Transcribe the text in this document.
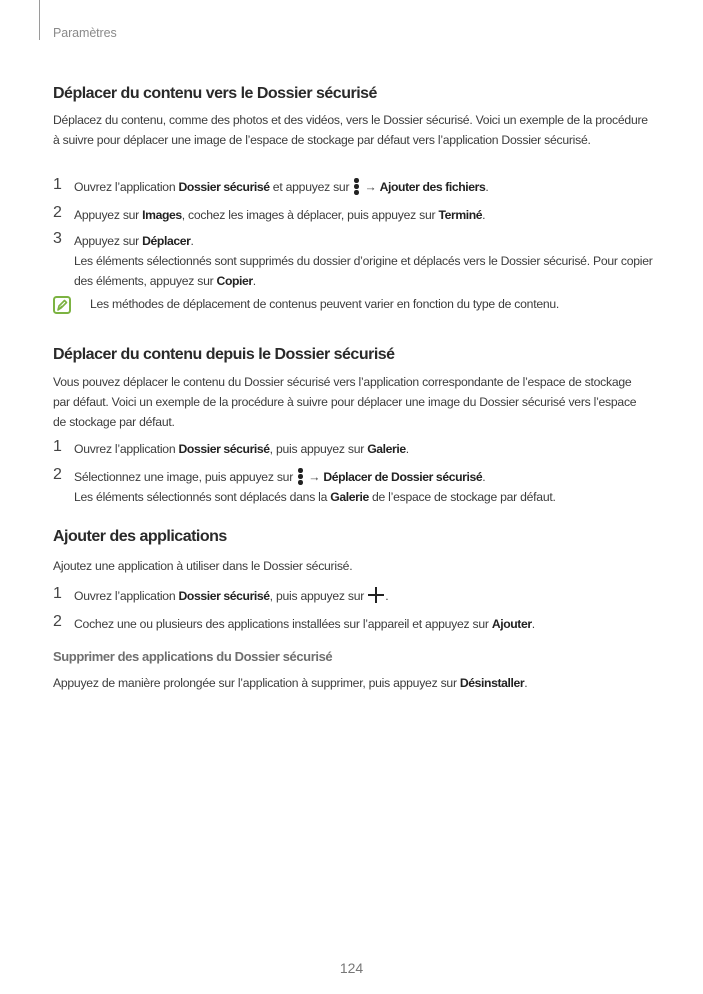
Paramètres
Déplacer du contenu vers le Dossier sécurisé

Déplacez du contenu, comme des photos et des vidéos, vers le Dossier sécurisé. Voici un exemple de la procédure à suivre pour déplacer une image de l’espace de stockage par défaut vers l’application Dossier sécurisé.

1 Ouvrez l’application Dossier sécurisé et appuyez sur
→ Ajouter des fichiers.
2 Appuyez sur Images, cochez les images à déplacer, puis appuyez sur Terminé.
3 Appuyez sur Déplacer.
Les éléments sélectionnés sont supprimés du dossier d’origine et déplacés vers le Dossier sécurisé. Pour copier des éléments, appuyez sur Copier.
Les méthodes de déplacement de contenus peuvent varier en fonction du type de contenu.
Déplacer du contenu depuis le Dossier sécurisé

Vous pouvez déplacer le contenu du Dossier sécurisé vers l’application correspondante de l’espace de stockage par défaut. Voici un exemple de la procédure à suivre pour déplacer une image du Dossier sécurisé vers l’espace de stockage par défaut.

1 Ouvrez l’application Dossier sécurisé, puis appuyez sur Galerie.
2 Sélectionnez une image, puis appuyez sur
→ Déplacer de Dossier sécurisé.
Les éléments sélectionnés sont déplacés dans la Galerie de l’espace de stockage par défaut.
Ajouter des applications

Ajoutez une application à utiliser dans le Dossier sécurisé.

1 Ouvrez l’application Dossier sécurisé, puis appuyez sur .
2 Cochez une ou plusieurs des applications installées sur l’appareil et appuyez sur Ajouter.
Supprimer des applications du Dossier sécurisé

Appuyez de manière prolongée sur l’application à supprimer, puis appuyez sur Désinstaller.

124
